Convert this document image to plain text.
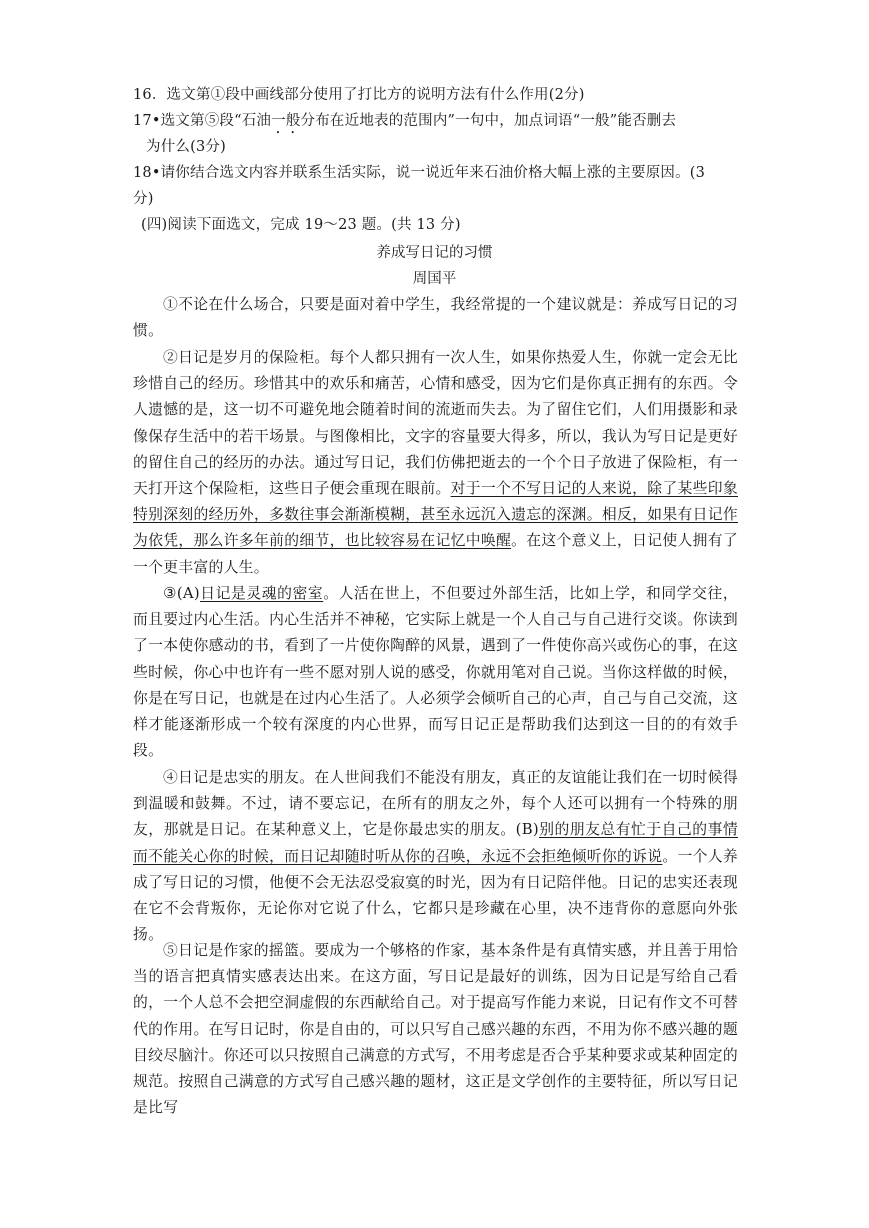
16．选文第①段中画线部分使用了打比方的说明方法有什么作用(2分)
17•选文第⑤段“石油一般分布在近地表的范围内”一句中，加点词语“一般”能否删去
为什么(3分)
18•请你结合选文内容并联系生活实际，说一说近年来石油价格大幅上涨的主要原因。(3
分)
(四)阅读下面选文，完成 19～23 题。(共 13 分)
养成写日记的习惯
周国平
①不论在什么场合，只要是面对着中学生，我经常提的一个建议就是：养成写日记的习惯。
②日记是岁月的保险柜。每个人都只拥有一次人生，如果你热爱人生，你就一定会无比珍惜自己的经历。珍惜其中的欢乐和痛苦，心情和感受，因为它们是你真正拥有的东西。令人遗憾的是，这一切不可避免地会随着时间的流逝而失去。为了留住它们，人们用摄影和录像保存生活中的若干场景。与图像相比，文字的容量要大得多，所以，我认为写日记是更好的留住自己的经历的办法。通过写日记，我们仿佛把逝去的一个个日子放进了保险柜，有一天打开这个保险柜，这些日子便会重现在眼前。对于一个不写日记的人来说，除了某些印象特别深刻的经历外，多数往事会渐渐模糊，甚至永远沉入遗忘的深渊。相反，如果有日记作为依凭，那么许多年前的细节，也比较容易在记忆中唤醒。在这个意义上，日记使人拥有了一个更丰富的人生。
③(A)日记是灵魂的密室。人活在世上，不但要过外部生活，比如上学，和同学交往，而且要过内心生活。内心生活并不神秘，它实际上就是一个人自己与自己进行交谈。你读到了一本使你感动的书，看到了一片使你陶醉的风景，遇到了一件使你高兴或伤心的事，在这些时候，你心中也许有一些不愿对别人说的感受，你就用笔对自己说。当你这样做的时候，你是在写日记，也就是在过内心生活了。人必须学会倾听自己的心声，自己与自己交流，这样才能逐渐形成一个较有深度的内心世界，而写日记正是帮助我们达到这一目的的有效手段。
④日记是忠实的朋友。在人世间我们不能没有朋友，真正的友谊能让我们在一切时候得到温暖和鼓舞。不过，请不要忘记，在所有的朋友之外，每个人还可以拥有一个特殊的朋友，那就是日记。在某种意义上，它是你最忠实的朋友。(B)别的朋友总有忙于自己的事情而不能关心你的时候，而日记却随时听从你的召唤，永远不会拒绝倾听你的诉说。一个人养成了写日记的习惯，他便不会无法忍受寂寞的时光，因为有日记陪伴他。日记的忠实还表现在它不会背叛你，无论你对它说了什么，它都只是珍藏在心里，决不违背你的意愿向外张扬。
⑤日记是作家的摇篮。要成为一个够格的作家，基本条件是有真情实感，并且善于用恰当的语言把真情实感表达出来。在这方面，写日记是最好的训练，因为日记是写给自己看的，一个人总不会把空洞虚假的东西献给自己。对于提高写作能力来说，日记有作文不可替代的作用。在写日记时，你是自由的，可以只写自己感兴趣的东西，不用为你不感兴趣的题目绞尽脑汁。你还可以只按照自己满意的方式写，不用考虑是否合乎某种要求或某种固定的规范。按照自己满意的方式写自己感兴趣的题材，这正是文学创作的主要特征，所以写日记是比写
